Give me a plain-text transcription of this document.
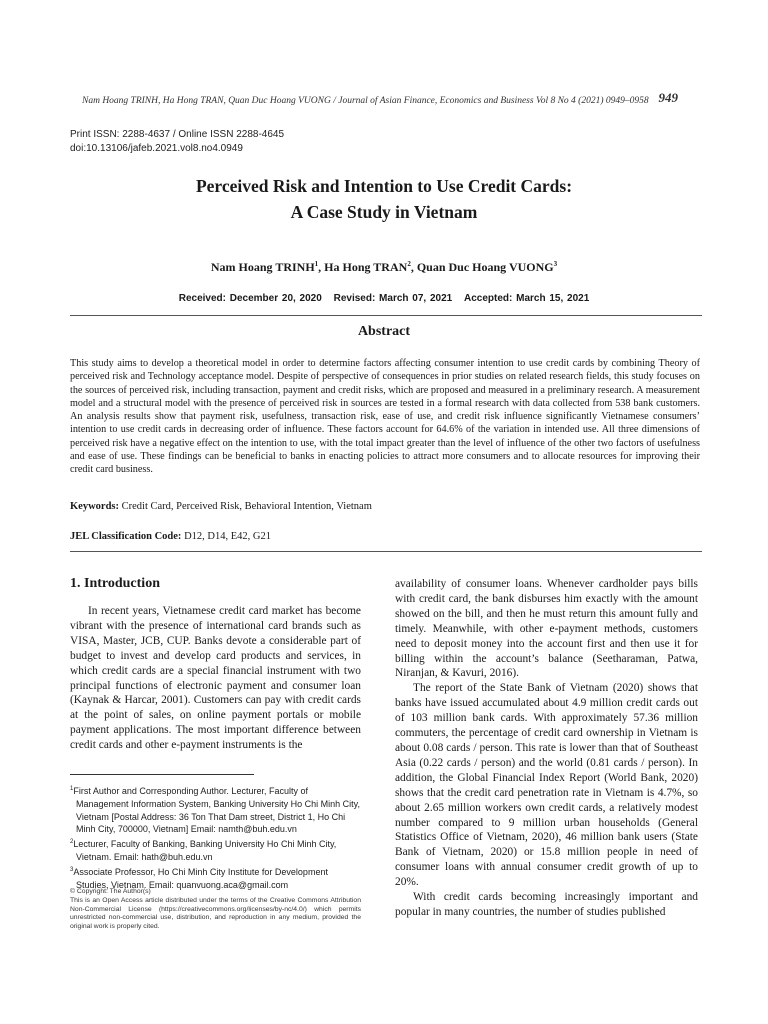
Nam Hoang TRINH, Ha Hong TRAN, Quan Duc Hoang VUONG / Journal of Asian Finance, Economics and Business Vol 8 No 4 (2021) 0949–0958 949
Print ISSN: 2288-4637 / Online ISSN 2288-4645
doi:10.13106/jafeb.2021.vol8.no4.0949
Perceived Risk and Intention to Use Credit Cards:
A Case Study in Vietnam
Nam Hoang TRINH$^1$, Ha Hong TRAN$^2$, Quan Duc Hoang VUONG$^3$
Received: December 20, 2020 Revised: March 07, 2021 Accepted: March 15, 2021
Abstract
This study aims to develop a theoretical model in order to determine factors affecting consumer intention to use credit cards by combining Theory of perceived risk and Technology acceptance model. Despite of perspective of consequences in prior studies on related research fields, this study focuses on the sources of perceived risk, including transaction, payment and credit risks, which are proposed and measured in a preliminary research. A measurement model and a structural model with the presence of perceived risk in sources are tested in a formal research with data collected from 538 bank customers. An analysis results show that payment risk, usefulness, transaction risk, ease of use, and credit risk influence significantly Vietnamese consumers’ intention to use credit cards in decreasing order of influence. These factors account for 64.6% of the variation in intended use. All three dimensions of perceived risk have a negative effect on the intention to use, with the total impact greater than the level of influence of the other two factors of usefulness and ease of use. These findings can be beneficial to banks in enacting policies to attract more consumers and to allocate resources for improving their credit card business.
Keywords: Credit Card, Perceived Risk, Behavioral Intention, Vietnam
JEL Classification Code: D12, D14, E42, G21
1. Introduction

In recent years, Vietnamese credit card market has become vibrant with the presence of international card brands such as VISA, Master, JCB, CUP. Banks devote a considerable part of budget to invest and develop card products and services, in which credit cards are a special financial instrument with two principal functions of electronic payment and consumer loan (Kaynak & Harcar, 2001). Customers can pay with credit cards at the point of sales, on online payment portals or mobile payment applications. The most important difference between credit cards and other e-payment instruments is the

$^1$First Author and Corresponding Author. Lecturer, Faculty of Management Information System, Banking University Ho Chi Minh City, Vietnam [Postal Address: 36 Ton That Dam street, District 1, Ho Chi Minh City, 700000, Vietnam] Email: namth@buh.edu.vn
$^2$Lecturer, Faculty of Banking, Banking University Ho Chi Minh City, Vietnam. Email: hath@buh.edu.vn
$^3$Associate Professor, Ho Chi Minh City Institute for Development Studies, Vietnam. Email: quanvuong.aca@gmail.com
© Copyright: The Author(s)
This is an Open Access article distributed under the terms of the Creative Commons Attribution Non-Commercial License (https://creativecommons.org/licenses/by-nc/4.0/) which permits unrestricted non-commercial use, distribution, and reproduction in any medium, provided the original work is properly cited.

availability of consumer loans. Whenever cardholder pays bills with credit card, the bank disburses him exactly with the amount showed on the bill, and then he must return this amount fully and timely. Meanwhile, with other e-payment methods, customers need to deposit money into the account first and then use it for billing within the account’s balance (Seetharaman, Patwa, Niranjan, & Kavuri, 2016).

The report of the State Bank of Vietnam (2020) shows that banks have issued accumulated about 4.9 million credit cards out of 103 million bank cards. With approximately 57.36 million commuters, the percentage of credit card ownership in Vietnam is about 0.08 cards / person. This rate is lower than that of Southeast Asia (0.22 cards / person) and the world (0.81 cards / person). In addition, the Global Financial Index Report (World Bank, 2020) shows that the credit card penetration rate in Vietnam is 4.7%, so about 2.65 million workers own credit cards, a relatively modest number compared to 9 million urban households (General Statistics Office of Vietnam, 2020), 46 million bank users (State Bank of Vietnam, 2020) or 15.8 million people in need of consumer loans with annual consumer credit growth of up to 20%.

With credit cards becoming increasingly important and popular in many countries, the number of studies published
